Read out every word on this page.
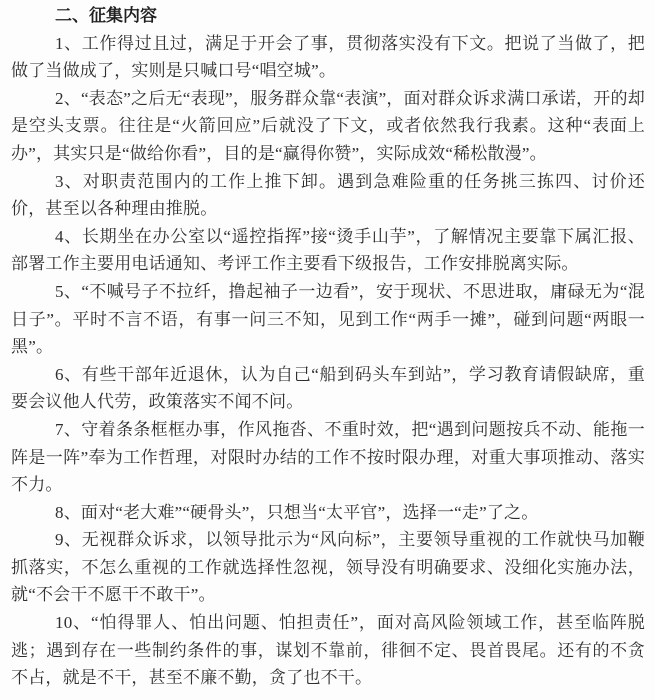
二、征集内容

1、工作得过且过，满足于开会了事，贯彻落实没有下文。把说了当做了，把做了当做成了，实则是只喊口号“唱空城”。

2、“表态”之后无“表现”，服务群众靠“表演”，面对群众诉求满口承诺，开的却是空头支票。往往是“火箭回应”后就没了下文，或者依然我行我素。这种“表面上办”，其实只是“做给你看”，目的是“赢得你赞”，实际成效“稀松散漫”。

3、对职责范围内的工作上推下卸。遇到急难险重的任务挑三拣四、讨价还价，甚至以各种理由推脱。

4、长期坐在办公室以“遥控指挥”接“烫手山芋”，了解情况主要靠下属汇报、部署工作主要用电话通知、考评工作主要看下级报告，工作安排脱离实际。

5、“不喊号子不拉纤，撸起袖子一边看”，安于现状、不思进取，庸碌无为“混日子”。平时不言不语，有事一问三不知，见到工作“两手一摊”，碰到问题“两眼一黑”。

6、有些干部年近退休，认为自己“船到码头车到站”，学习教育请假缺席，重要会议他人代劳，政策落实不闻不问。

7、守着条条框框办事，作风拖沓、不重时效，把“遇到问题按兵不动、能拖一阵是一阵”奉为工作哲理，对限时办结的工作不按时限办理，对重大事项推动、落实不力。

8、面对“老大难”“硬骨头”，只想当“太平官”，选择一“走”了之。

9、无视群众诉求，以领导批示为“风向标”，主要领导重视的工作就快马加鞭抓落实，不怎么重视的工作就选择性忽视，领导没有明确要求、没细化实施办法，就“不会干不愿干不敢干”。

10、“怕得罪人、怕出问题、怕担责任”，面对高风险领域工作，甚至临阵脱逃；遇到存在一些制约条件的事，谋划不靠前，徘徊不定、畏首畏尾。还有的不贪不占，就是不干，甚至不廉不勤，贪了也不干。
